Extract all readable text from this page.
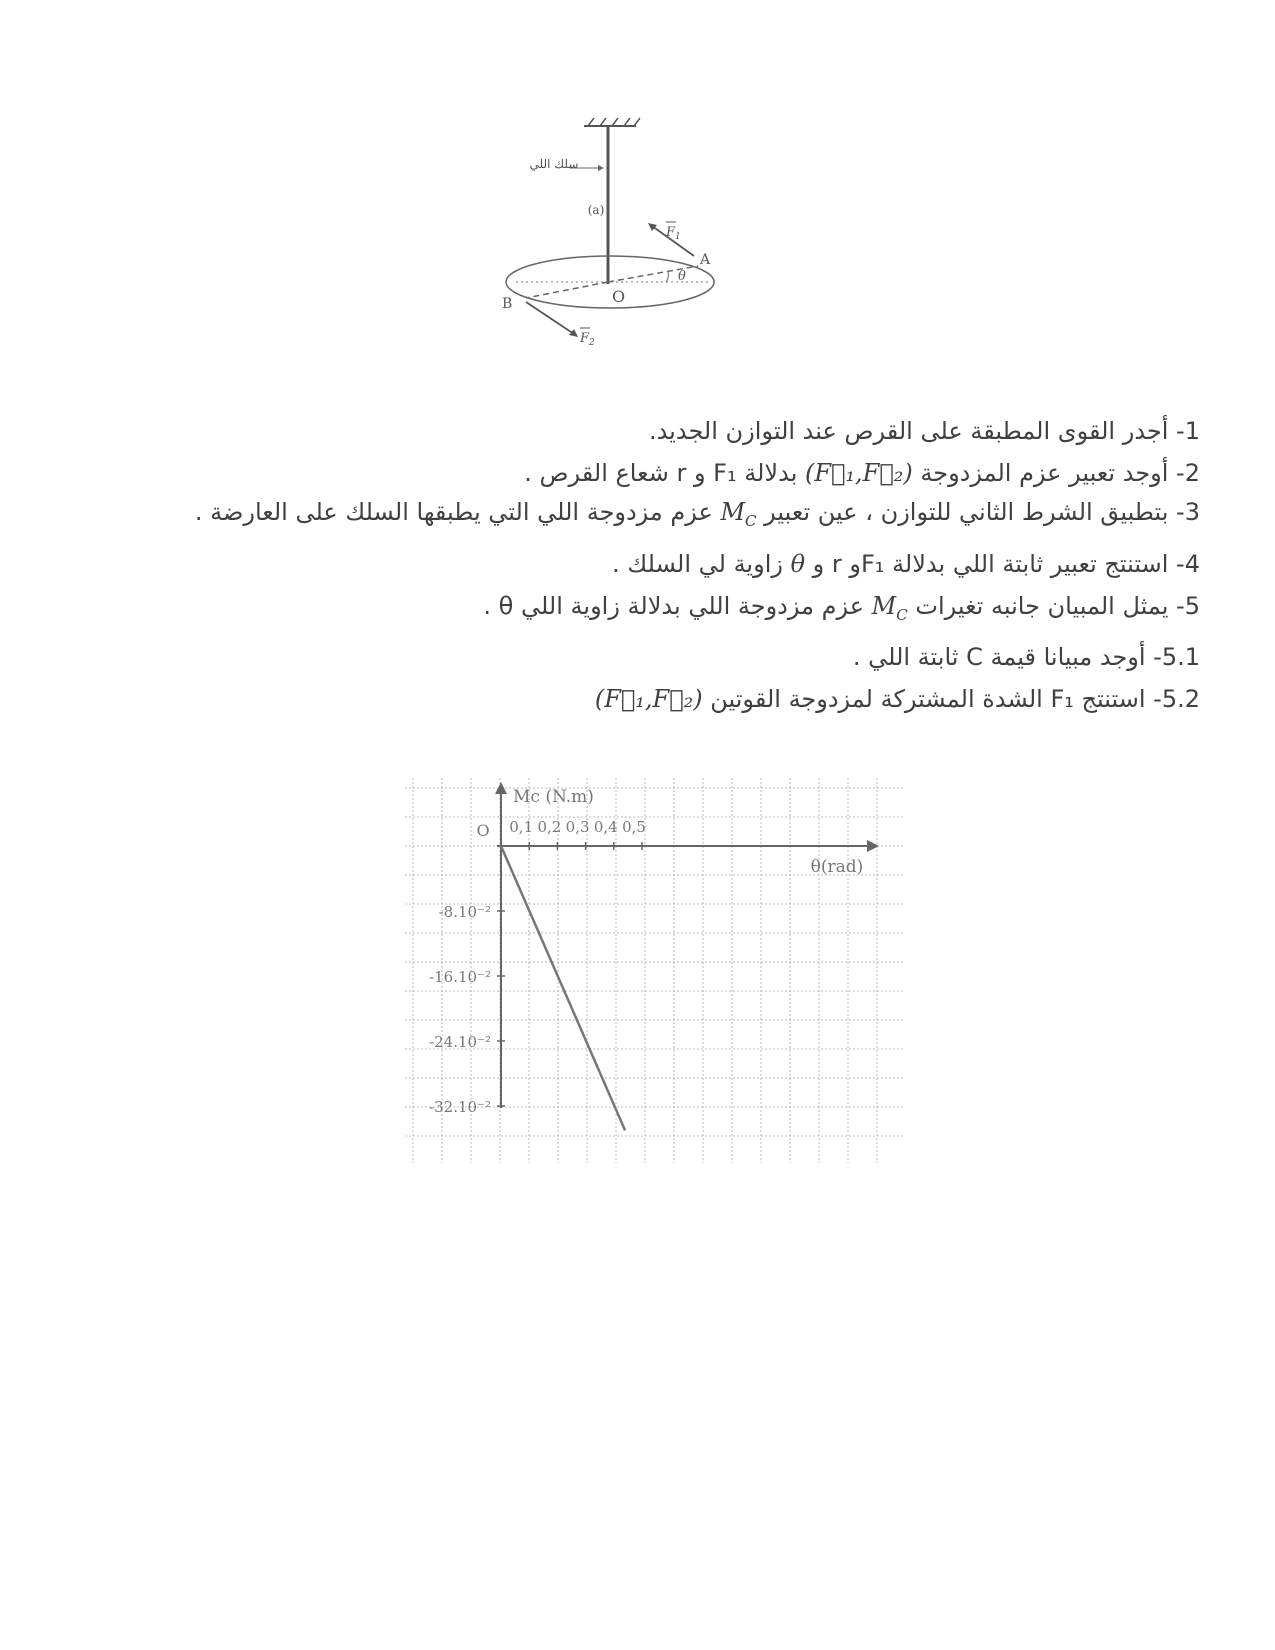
سلك اللي
(a)
θ
O
A
B
$F_1$
$F_2$

1- أجدر القوى المطبقة على القرص عند التوازن الجديد.

2- أوجد تعبير عزم المزدوجة (F⃗₁,F⃗₂) بدلالة F₁ و r شعاع القرص .

3- بتطبيق الشرط الثاني للتوازن ، عين تعبير $M_C$ عزم مزدوجة اللي التي يطبقها السلك على العارضة .

4- استنتج تعبير ثابتة اللي بدلالة F₁و r و θ زاوية لي السلك .

5- يمثل المبيان جانبه تغيرات $M_C$ عزم مزدوجة اللي بدلالة زاوية اللي θ .

5.1- أوجد مبيانا قيمة C ثابتة اللي .

5.2- استنتج F₁ الشدة المشتركة لمزدوجة القوتين (F⃗₁,F⃗₂)

Mc (N.m)
θ(rad)
O 0,1 0,2 0,3 0,4 0,5
-8.10⁻²
-16.10⁻²
-24.10⁻²
-32.10⁻²
